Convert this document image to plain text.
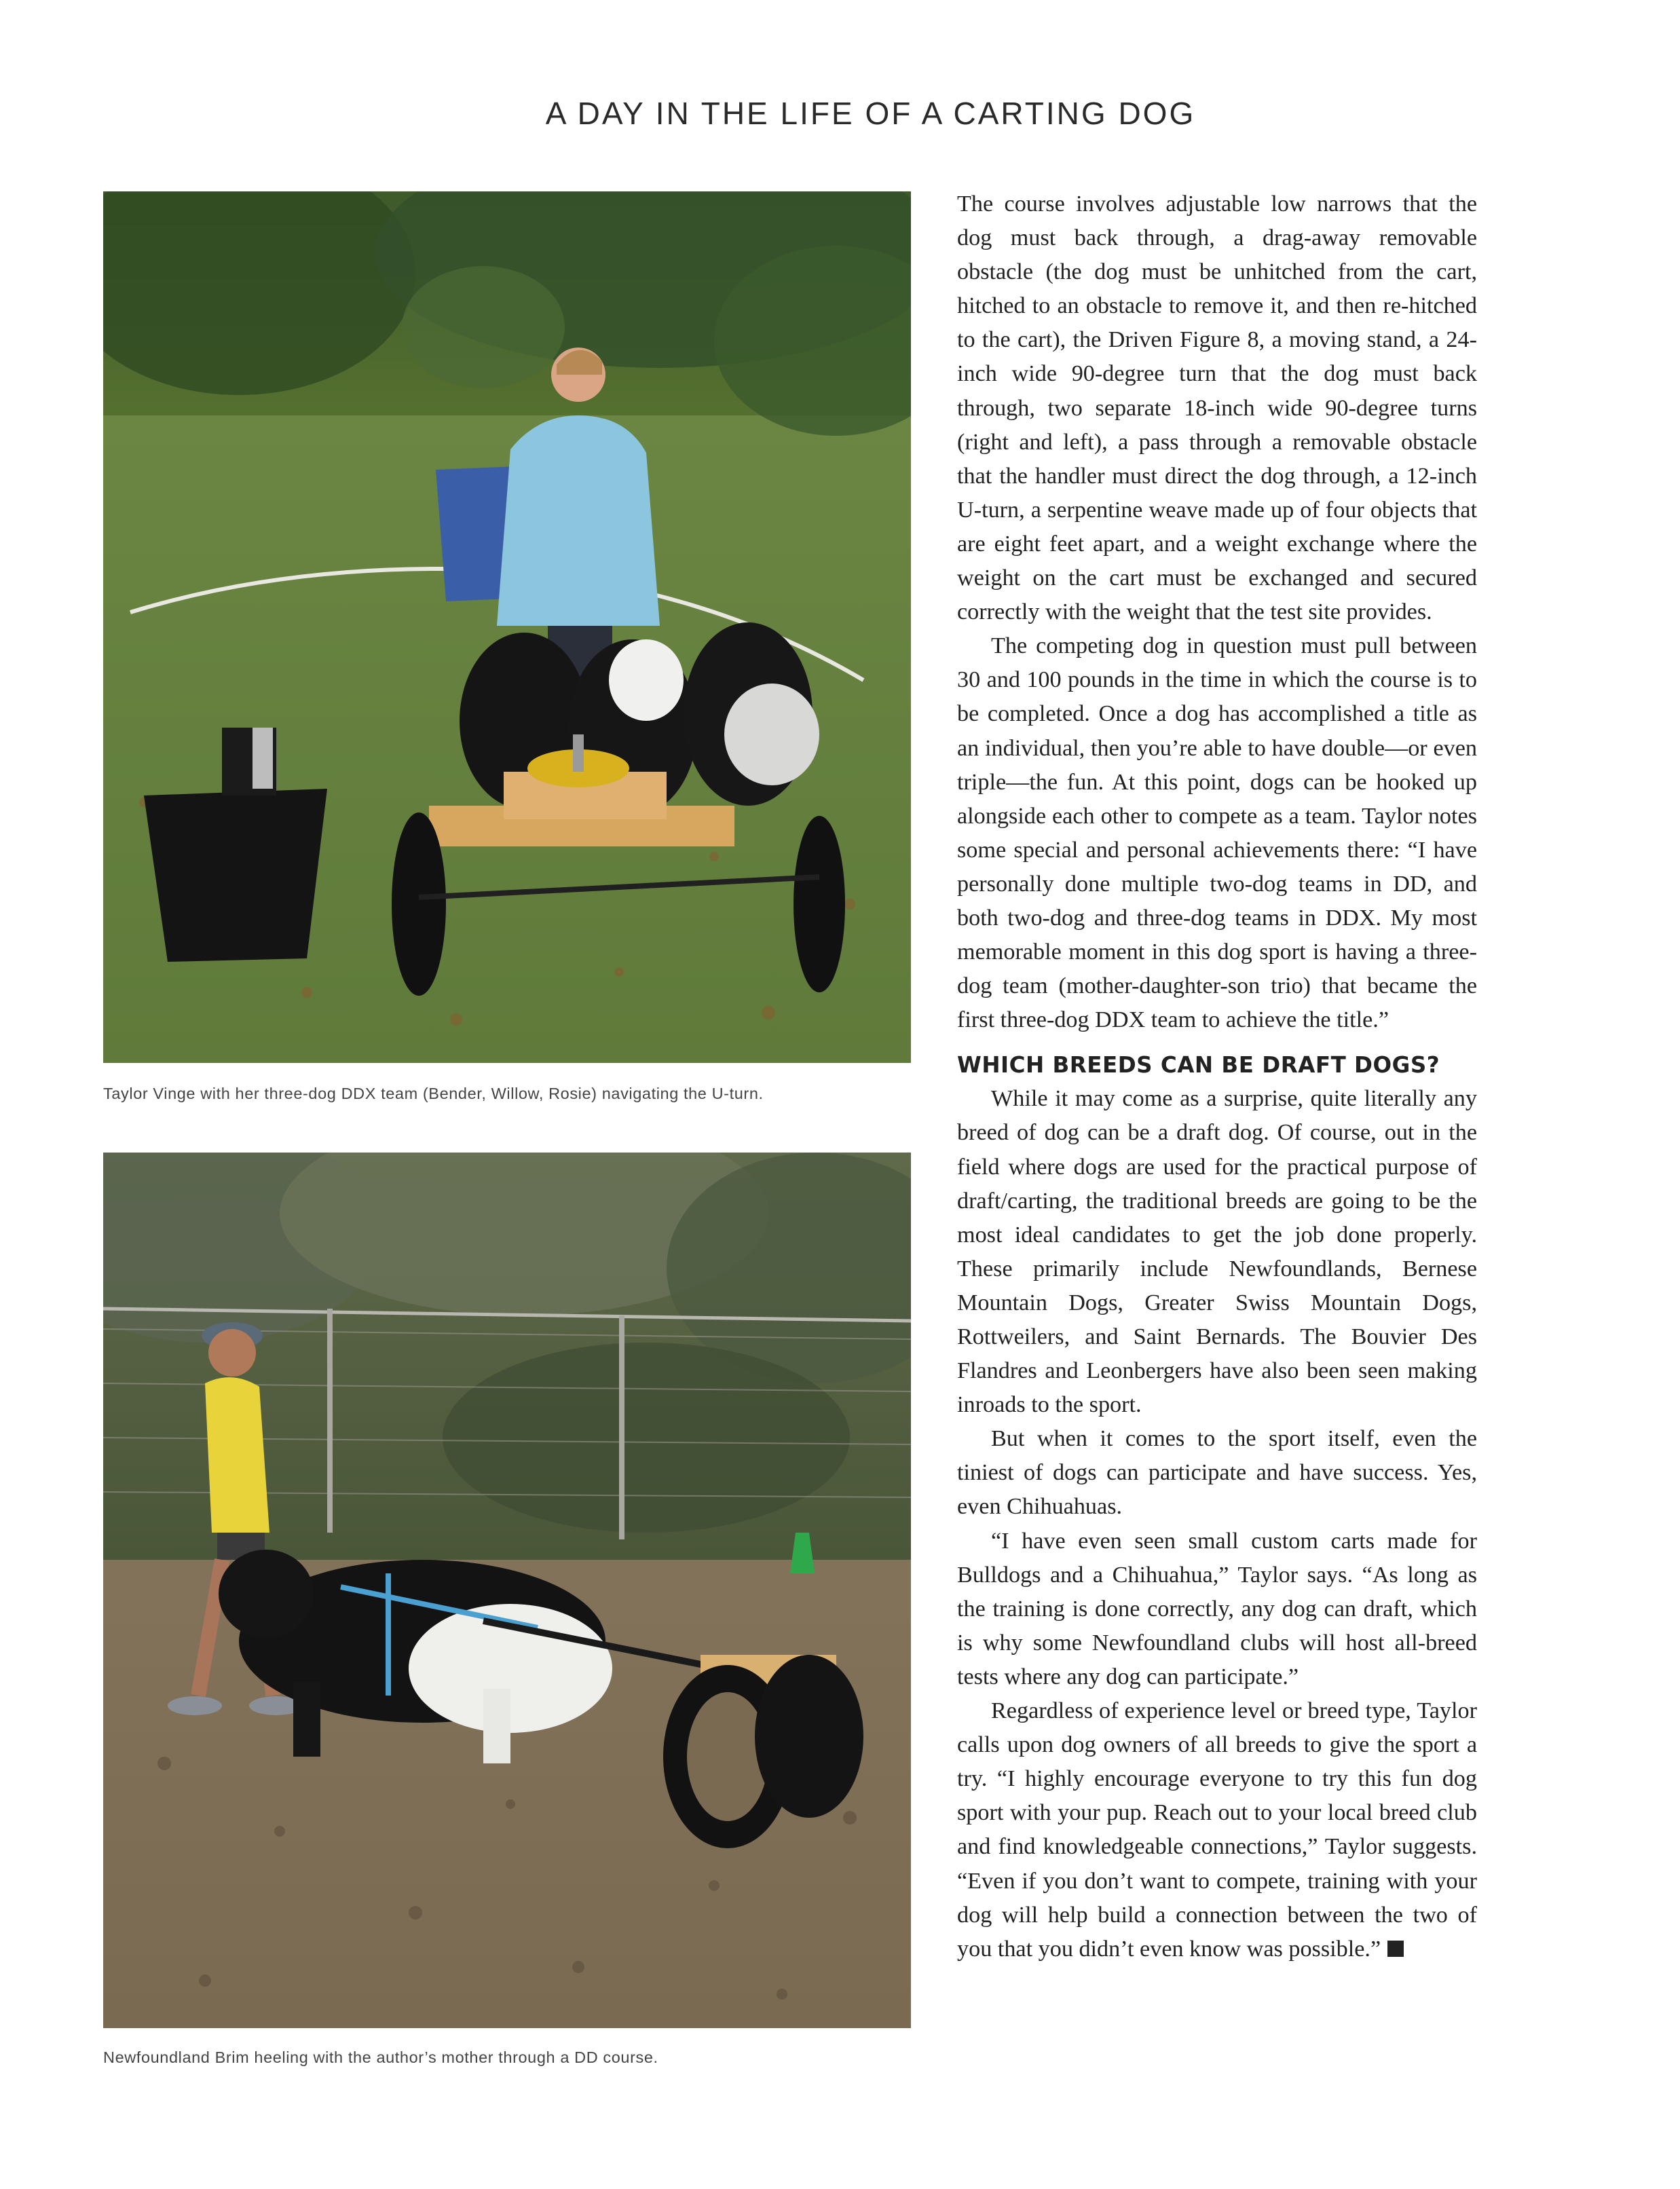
A DAY IN THE LIFE OF A CARTING DOG
Taylor Vinge with her three-dog DDX team (Bender, Willow, Rosie) navigating the U-turn.
Newfoundland Brim heeling with the author’s mother through a DD course.

The course involves adjustable low narrows that the dog must back through, a drag-away removable obstacle (the dog must be unhitched from the cart, hitched to an obstacle to remove it, and then re-hitched to the cart), the Driven Figure 8, a moving stand, a 24-inch wide 90-degree turn that the dog must back through, two separate 18-inch wide 90-degree turns (right and left), a pass through a removable obstacle that the handler must direct the dog through, a 12-inch U-turn, a serpentine weave made up of four objects that are eight feet apart, and a weight exchange where the weight on the cart must be exchanged and secured correctly with the weight that the test site provides.

The competing dog in question must pull between 30 and 100 pounds in the time in which the course is to be completed. Once a dog has accomplished a title as an individual, then you’re able to have double—or even triple—the fun. At this point, dogs can be hooked up alongside each other to compete as a team. Taylor notes some special and personal achievements there: “I have personally done multiple two-dog teams in DD, and both two-dog and three-dog teams in DDX. My most memorable moment in this dog sport is having a three-dog team (mother-daughter-son trio) that became the first three-dog DDX team to achieve the title.”

WHICH BREEDS CAN BE DRAFT DOGS?

While it may come as a surprise, quite literally any breed of dog can be a draft dog. Of course, out in the field where dogs are used for the practical purpose of draft/carting, the traditional breeds are going to be the most ideal candidates to get the job done properly. These primarily include Newfoundlands, Bernese Mountain Dogs, Greater Swiss Mountain Dogs, Rottweilers, and Saint Bernards. The Bouvier Des Flandres and Leonbergers have also been seen making inroads to the sport.

But when it comes to the sport itself, even the tiniest of dogs can participate and have success. Yes, even Chihuahuas.

“I have even seen small custom carts made for Bulldogs and a Chihuahua,” Taylor says. “As long as the training is done correctly, any dog can draft, which is why some Newfoundland clubs will host all-breed tests where any dog can participate.”

Regardless of experience level or breed type, Taylor calls upon dog owners of all breeds to give the sport a try. “I highly encourage everyone to try this fun dog sport with your pup. Reach out to your local breed club and find knowledgeable connections,” Taylor suggests. “Even if you don’t want to compete, training with your dog will help build a connection between the two of you that you didn’t even know was possible.”
